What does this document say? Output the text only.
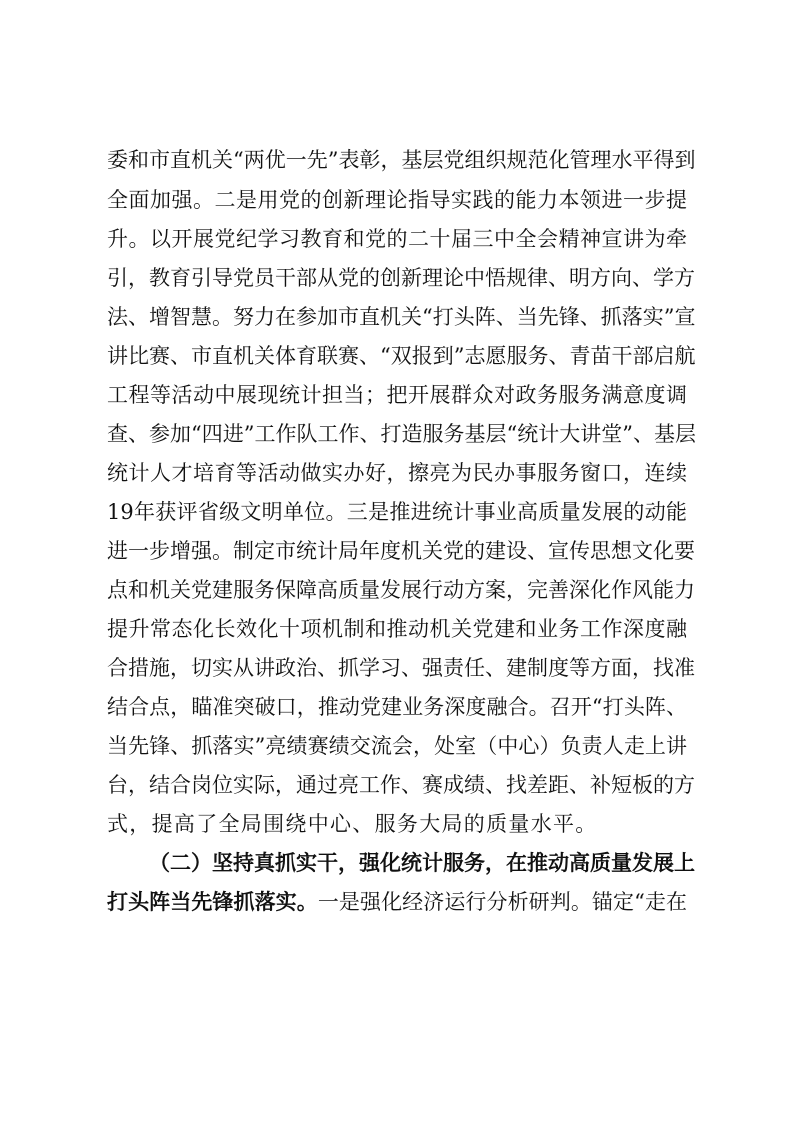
委和市直机关“两优一先”表彰，基层党组织规范化管理水平得到
全面加强。二是用党的创新理论指导实践的能力本领进一步提
升。以开展党纪学习教育和党的二十届三中全会精神宣讲为牵
引，教育引导党员干部从党的创新理论中悟规律、明方向、学方
法、增智慧。努力在参加市直机关“打头阵、当先锋、抓落实”宣
讲比赛、市直机关体育联赛、“双报到”志愿服务、青苗干部启航
工程等活动中展现统计担当；把开展群众对政务服务满意度调
查、参加“四进”工作队工作、打造服务基层“统计大讲堂”、基层
统计人才培育等活动做实办好，擦亮为民办事服务窗口，连续
19年获评省级文明单位。三是推进统计事业高质量发展的动能
进一步增强。制定市统计局年度机关党的建设、宣传思想文化要
点和机关党建服务保障高质量发展行动方案，完善深化作风能力
提升常态化长效化十项机制和推动机关党建和业务工作深度融
合措施，切实从讲政治、抓学习、强责任、建制度等方面，找准
结合点，瞄准突破口，推动党建业务深度融合。召开“打头阵、
当先锋、抓落实”亮绩赛绩交流会，处室（中心）负责人走上讲
台，结合岗位实际，通过亮工作、赛成绩、找差距、补短板的方
式，提高了全局围绕中心、服务大局的质量水平。
（二）坚持真抓实干，强化统计服务，在推动高质量发展上
打头阵当先锋抓落实。一是强化经济运行分析研判。锚定“走在
